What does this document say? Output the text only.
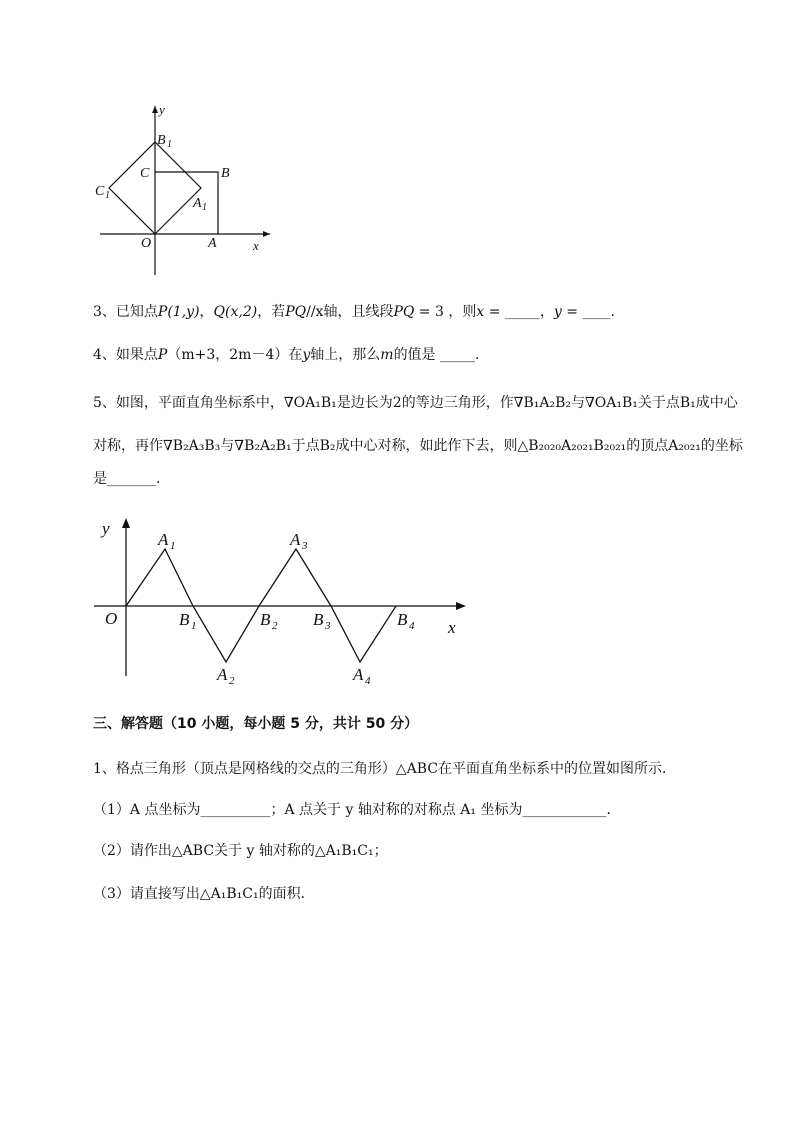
y
x
B 1
C	B
C 1
A 1
O	A
3、已知点P(1,y)，Q(x,2)，若PQ//x轴，且线段PQ = 3 ，则x = _____，y = ____.
4、如果点P（m+3，2m－4）在y轴上，那么m的值是 _____.
5、如图，平面直角坐标系中，∇OA₁B₁是边长为2的等边三角形，作∇B₁A₂B₂与∇OA₁B₁关于点B₁成中心
对称，再作∇B₂A₃B₃与∇B₂A₂B₁于点B₂成中心对称，如此作下去，则△B₂₀₂₀A₂₀₂₁B₂₀₂₁的顶点A₂₀₂₁的坐标
是_______.
y
x
O
A 1	A 3
A 2	A 4
B 1	B 2 B 3	B 4
三、解答题（10 小题，每小题 5 分，共计 50 分）
1、格点三角形（顶点是网格线的交点的三角形）△ABC在平面直角坐标系中的位置如图所示．
（1）A 点坐标为__________；A 点关于 y 轴对称的对称点 A₁ 坐标为____________．
（2）请作出△ABC关于 y 轴对称的△A₁B₁C₁；
（3）请直接写出△A₁B₁C₁的面积．
